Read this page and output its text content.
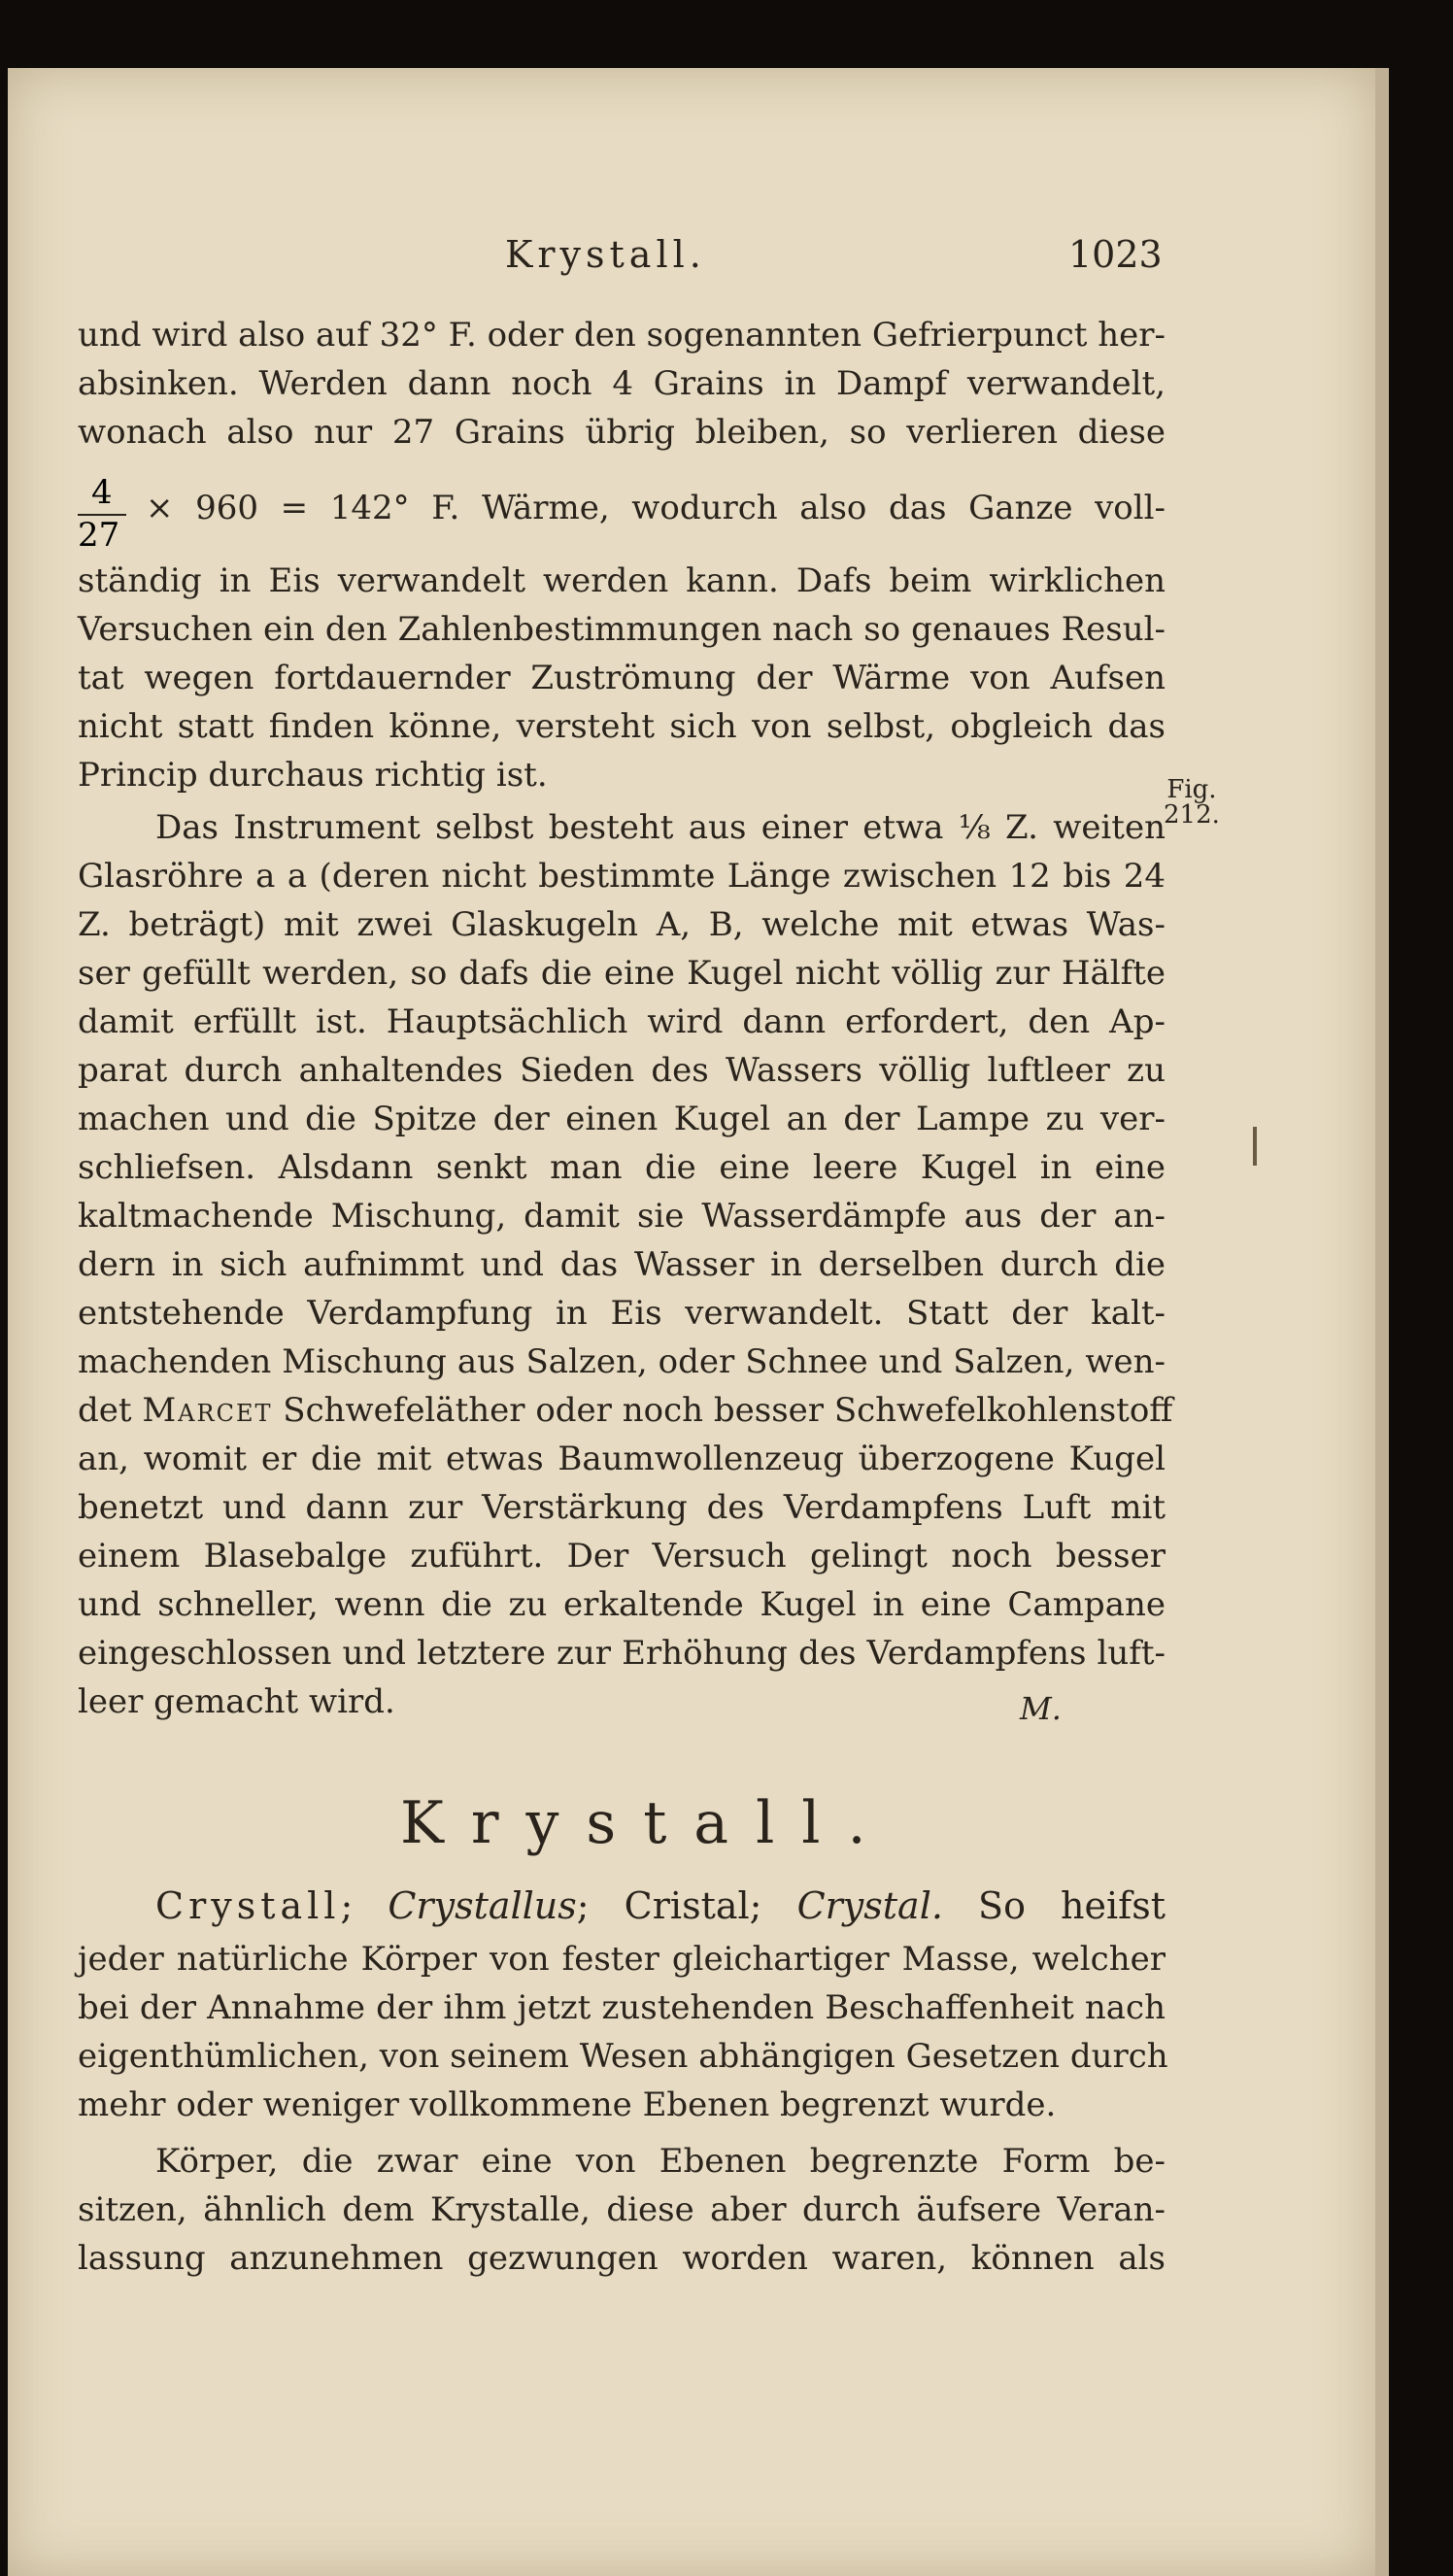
Krystall.	1023
und wird also auf 32° F. oder den sogenannten Gefrierpunct her-
absinken. Werden dann noch 4 Grains in Dampf verwandelt,
wonach also nur 27 Grains übrig bleiben, so verlieren diese
4
27
× 960 = 142° F. Wärme, wodurch also das Ganze voll-
ständig in Eis verwandelt werden kann. Dafs beim wirklichen
Versuchen ein den Zahlenbestimmungen nach so genaues Resul-
tat wegen fortdauernder Zuströmung der Wärme von Aufsen
nicht statt finden könne, versteht sich von selbst, obgleich das
Princip durchaus richtig ist.	Fig.
212.
Das Instrument selbst besteht aus einer etwa ⅛ Z. weiten
Glasröhre a a (deren nicht bestimmte Länge zwischen 12 bis 24
Z. beträgt) mit zwei Glaskugeln A, B, welche mit etwas Was-
ser gefüllt werden, so dafs die eine Kugel nicht völlig zur Hälfte
damit erfüllt ist. Hauptsächlich wird dann erfordert, den Ap-
parat durch anhaltendes Sieden des Wassers völlig luftleer zu
machen und die Spitze der einen Kugel an der Lampe zu ver-
schliefsen. Alsdann senkt man die eine leere Kugel in eine
kaltmachende Mischung, damit sie Wasserdämpfe aus der an-
dern in sich aufnimmt und das Wasser in derselben durch die
entstehende Verdampfung in Eis verwandelt. Statt der kalt-
machenden Mischung aus Salzen, oder Schnee und Salzen, wen-
det Marcet Schwefeläther oder noch besser Schwefelkohlenstoff
an, womit er die mit etwas Baumwollenzeug überzogene Kugel
benetzt und dann zur Verstärkung des Verdampfens Luft mit
einem Blasebalge zuführt. Der Versuch gelingt noch besser
und schneller, wenn die zu erkaltende Kugel in eine Campane
eingeschlossen und letztere zur Erhöhung des Verdampfens luft-
leer gemacht wird.	M.
Krystall.
Crystall; Crystallus; Cristal; Crystal. So heifst
jeder natürliche Körper von fester gleichartiger Masse, welcher
bei der Annahme der ihm jetzt zustehenden Beschaffenheit nach
eigenthümlichen, von seinem Wesen abhängigen Gesetzen durch
mehr oder weniger vollkommene Ebenen begrenzt wurde.
Körper, die zwar eine von Ebenen begrenzte Form be-
sitzen, ähnlich dem Krystalle, diese aber durch äufsere Veran-
lassung anzunehmen gezwungen worden waren, können als
